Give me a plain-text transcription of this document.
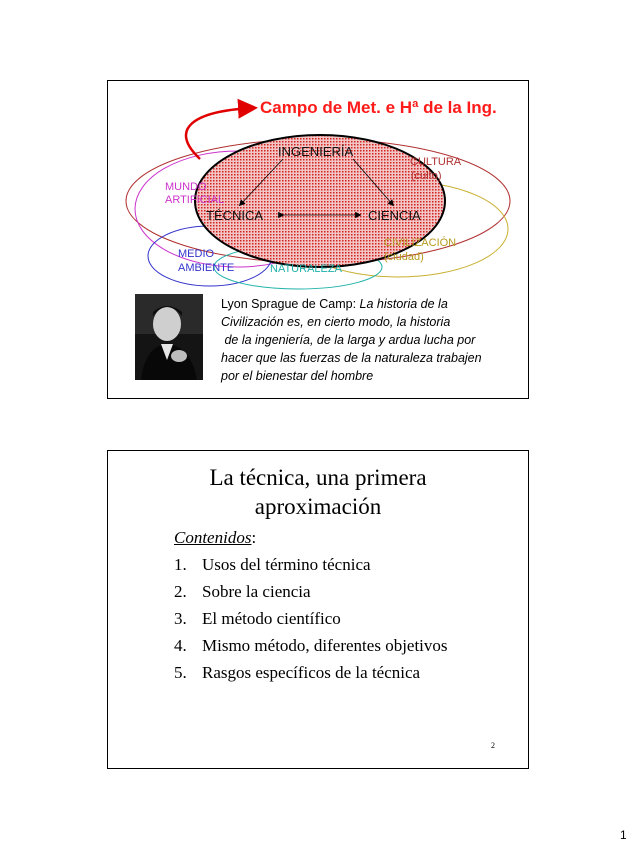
Campo de Met. e Hª de la Ing.
INGENIERÍA
TÉCNICA	CIENCIA
MUNDO
ARTIFICIAL
CULTURA
(culto)
CIVILIZACIÓN
(ciudad)
MEDIO
AMBIENTE	NATURALEZA
Lyon Sprague de Camp: La historia de la
Civilización es, en cierto modo, la historia
de la ingeniería, de la larga y ardua lucha por
hacer que las fuerzas de la naturaleza trabajen
por el bienestar del hombre
La técnica, una primera
aproximación
Contenidos:
1. Usos del término técnica
2. Sobre la ciencia
3. El método científico
4. Mismo método, diferentes objetivos
5. Rasgos específicos de la técnica
2
1
